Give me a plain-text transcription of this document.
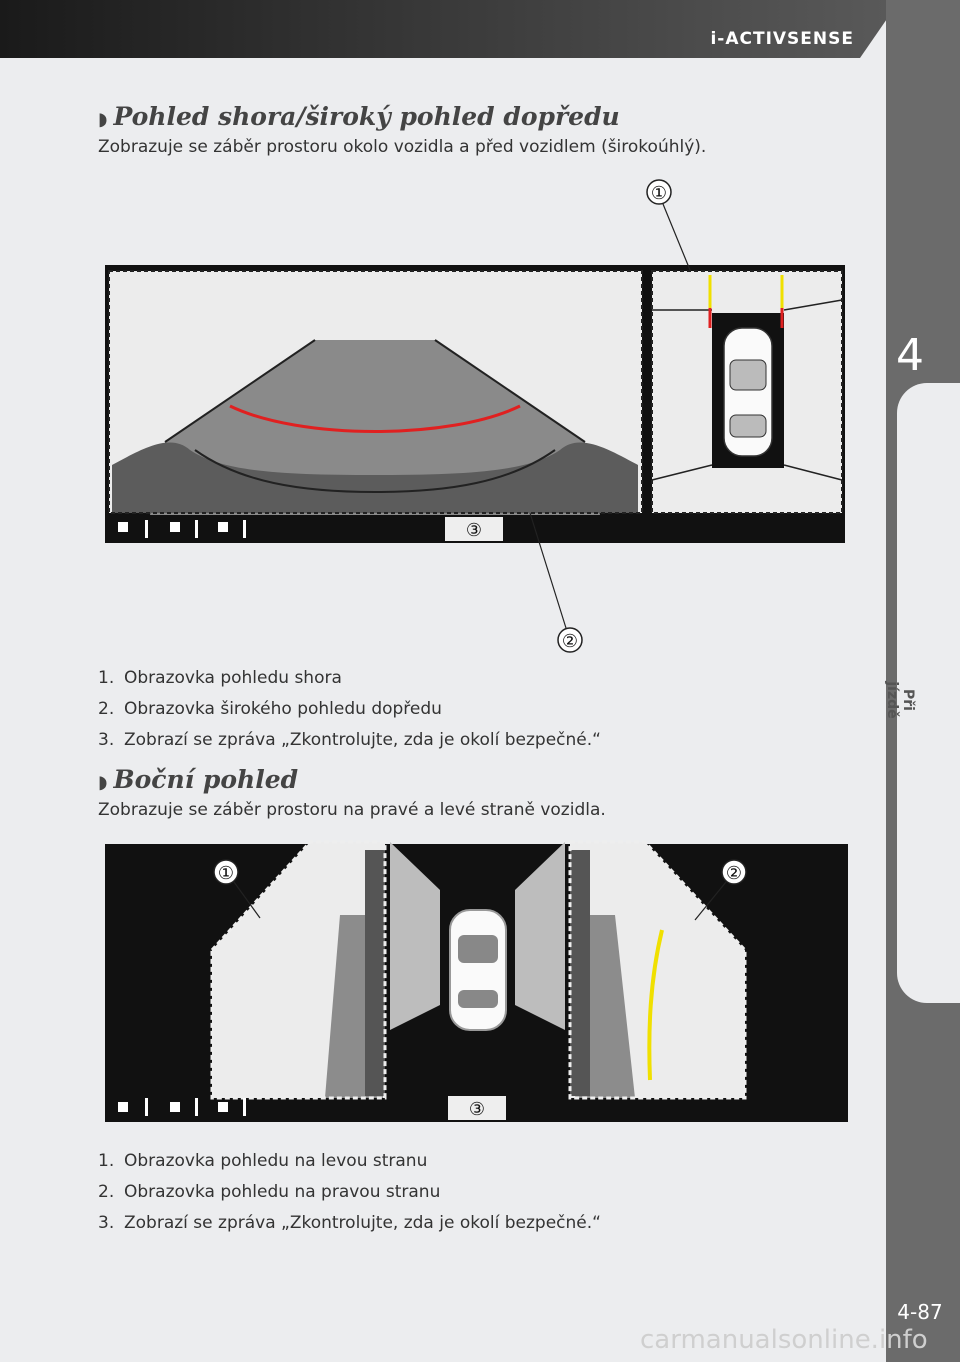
i-ACTIVSENSE
4
Při jízdě
4-87
◗ Pohled shora/široký pohled dopředu

Zobrazuje se záběr prostoru okolo vozidla a před vozidlem (širokoúhlý).

③
①
②
1. Obrazovka pohledu shora
2. Obrazovka širokého pohledu dopředu
3. Zobrazí se zpráva „Zkontrolujte, zda je okolí bezpečné.“
◗ Boční pohled

Zobrazuje se záběr prostoru na pravé a levé straně vozidla.

③
①	②
1. Obrazovka pohledu na levou stranu
2. Obrazovka pohledu na pravou stranu
3. Zobrazí se zpráva „Zkontrolujte, zda je okolí bezpečné.“
carmanualsonline.info
